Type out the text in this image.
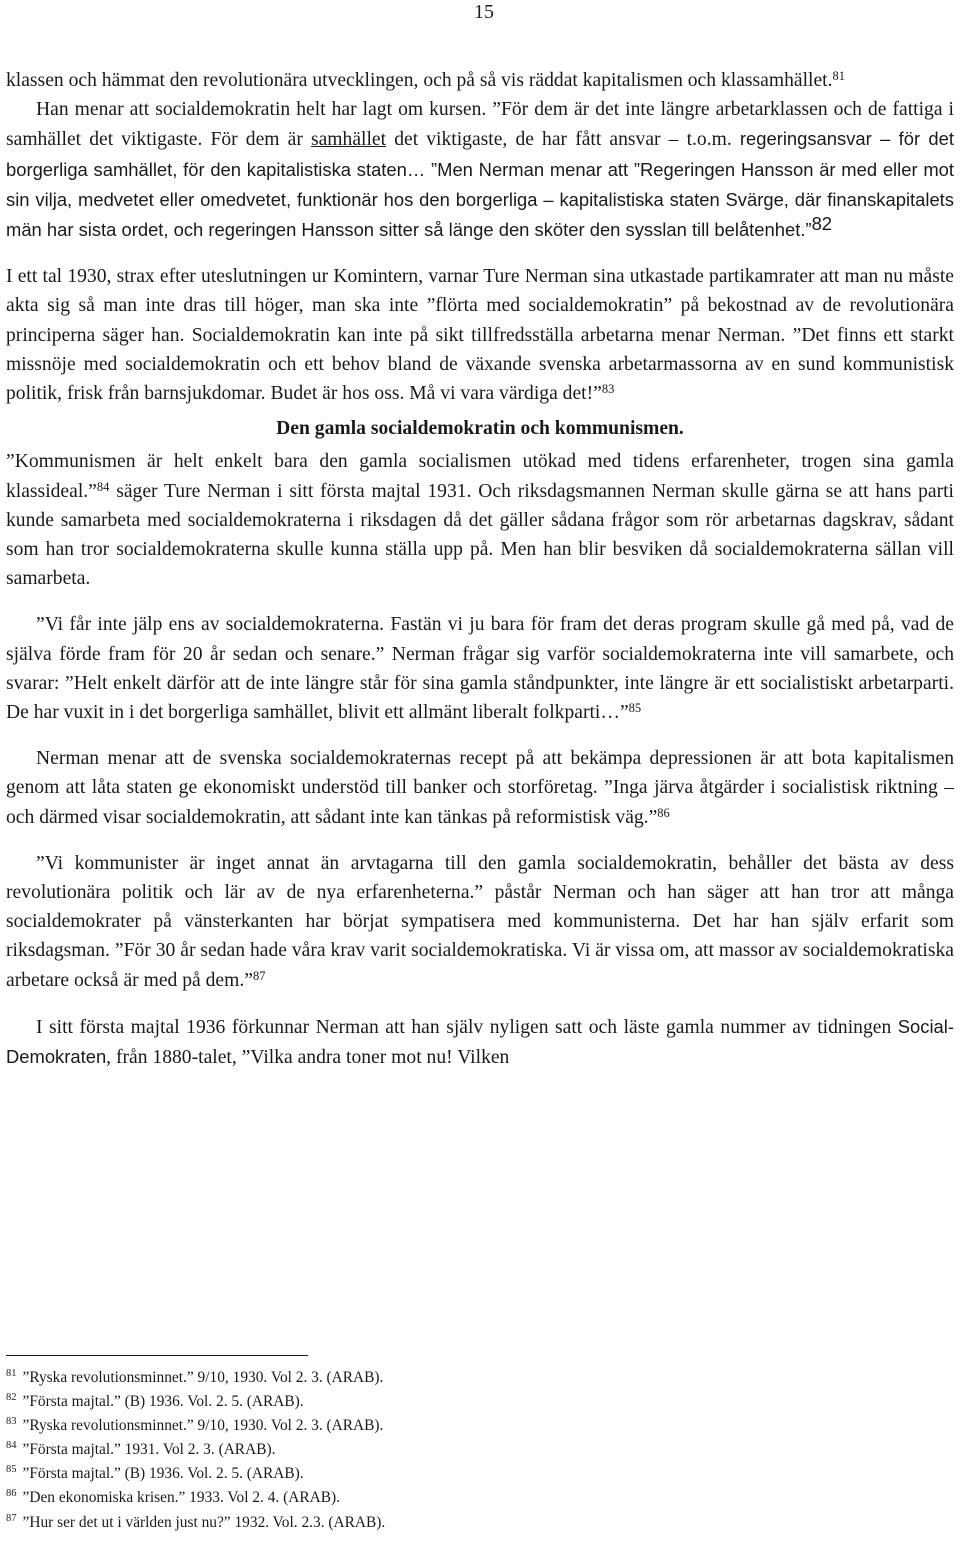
15

klassen och hämmat den revolutionära utvecklingen, och på så vis räddat kapitalismen och klassamhället.$^{81}$

Han menar att socialdemokratin helt har lagt om kursen. ”För dem är det inte längre arbetarklassen och de fattiga i samhället det viktigaste. För dem är samhället det viktigaste, de har fått ansvar – t.o.m. regeringsansvar – för det borgerliga samhället, för den kapitalistiska staten… ”Men Nerman menar att ”Regeringen Hansson är med eller mot sin vilja, medvetet eller omedvetet, funktionär hos den borgerliga – kapitalistiska staten Svärge, där finanskapitalets män har sista ordet, och regeringen Hansson sitter så länge den sköter den sysslan till belåtenhet.”$^{82}$

I ett tal 1930, strax efter uteslutningen ur Komintern, varnar Ture Nerman sina utkastade partikamrater att man nu måste akta sig så man inte dras till höger, man ska inte ”flörta med socialdemokratin” på bekostnad av de revolutionära principerna säger han. Socialdemokratin kan inte på sikt tillfredsställa arbetarna menar Nerman. ”Det finns ett starkt missnöje med socialdemokratin och ett behov bland de växande svenska arbetarmassorna av en sund kommunistisk politik, frisk från barnsjukdomar. Budet är hos oss. Må vi vara värdiga det!”$^{83}$

Den gamla socialdemokratin och kommunismen.

”Kommunismen är helt enkelt bara den gamla socialismen utökad med tidens erfarenheter, trogen sina gamla klassideal.”$^{84}$ säger Ture Nerman i sitt första majtal 1931. Och riksdagsmannen Nerman skulle gärna se att hans parti kunde samarbeta med socialdemokraterna i riksdagen då det gäller sådana frågor som rör arbetarnas dagskrav, sådant som han tror socialdemokraterna skulle kunna ställa upp på. Men han blir besviken då socialdemokraterna sällan vill samarbeta.

”Vi får inte jälp ens av socialdemokraterna. Fastän vi ju bara för fram det deras program skulle gå med på, vad de själva förde fram för 20 år sedan och senare.” Nerman frågar sig varför socialdemokraterna inte vill samarbete, och svarar: ”Helt enkelt därför att de inte längre står för sina gamla ståndpunkter, inte längre är ett socialistiskt arbetarparti. De har vuxit in i det borgerliga samhället, blivit ett allmänt liberalt folkparti…”$^{85}$

Nerman menar att de svenska socialdemokraternas recept på att bekämpa depressionen är att bota kapitalismen genom att låta staten ge ekonomiskt understöd till banker och storföretag. ”Inga järva åtgärder i socialistisk riktning – och därmed visar socialdemokratin, att sådant inte kan tänkas på reformistisk väg.”$^{86}$

”Vi kommunister är inget annat än arvtagarna till den gamla socialdemokratin, behåller det bästa av dess revolutionära politik och lär av de nya erfarenheterna.” påstår Nerman och han säger att han tror att många socialdemokrater på vänsterkanten har börjat sympatisera med kommunisterna. Det har han själv erfarit som riksdagsman. ”För 30 år sedan hade våra krav varit socialdemokratiska. Vi är vissa om, att massor av socialdemokratiska arbetare också är med på dem.”$^{87}$

I sitt första majtal 1936 förkunnar Nerman att han själv nyligen satt och läste gamla nummer av tidningen Social-Demokraten, från 1880-talet, ”Vilka andra toner mot nu! Vilken

$^{81}$ ”Ryska revolutionsminnet.” 9/10, 1930. Vol 2. 3. (ARAB).

$^{82}$ ”Första majtal.” (B) 1936. Vol. 2. 5. (ARAB).

$^{83}$ ”Ryska revolutionsminnet.” 9/10, 1930. Vol 2. 3. (ARAB).

$^{84}$ ”Första majtal.” 1931. Vol 2. 3. (ARAB).

$^{85}$ ”Första majtal.” (B) 1936. Vol. 2. 5. (ARAB).

$^{86}$ ”Den ekonomiska krisen.” 1933. Vol 2. 4. (ARAB).

$^{87}$ ”Hur ser det ut i världen just nu?” 1932. Vol. 2.3. (ARAB).
